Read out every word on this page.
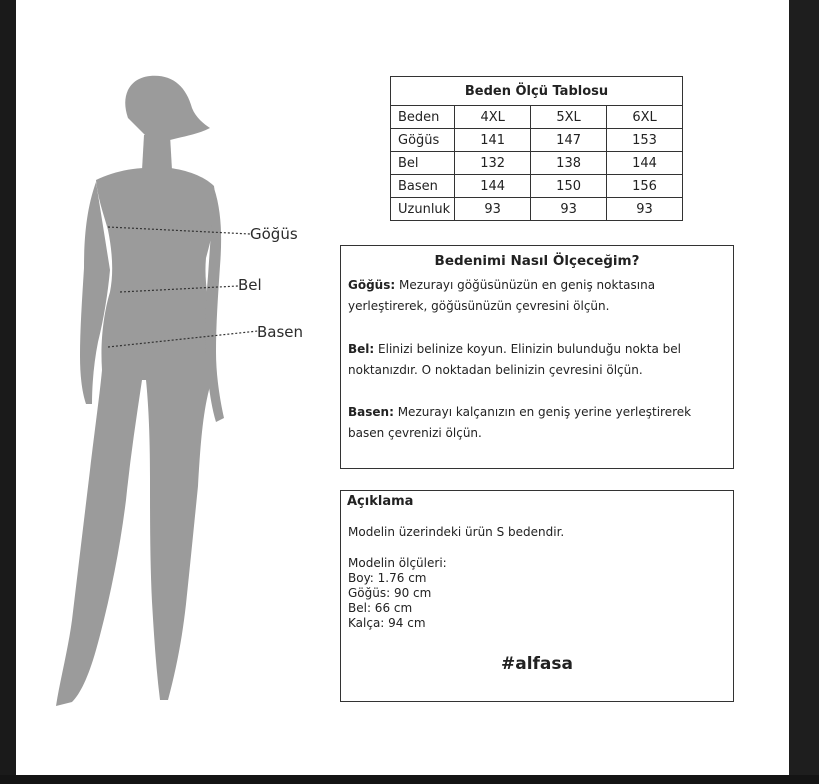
Göğüs
Bel
Basen
Beden Ölçü Tablosu			
Beden	4XL	5XL	6XL
Göğüs	141	147	153
Bel	132	138	144
Basen	144	150	156
Uzunluk	93	93	93
Bedenimi Nasıl Ölçeceğim?
Göğüs: Mezurayı göğüsünüzün en geniş noktasına yerleştirerek, göğüsünüzün çevresini ölçün.
Bel: Elinizi belinize koyun. Elinizin bulunduğu nokta bel noktanızdır. O noktadan belinizin çevresini ölçün.
Basen: Mezurayı kalçanızın en geniş yerine yerleştirerek basen çevrenizi ölçün.
Açıklama
Modelin üzerindeki ürün S bedendir.
Modelin ölçüleri:
Boy: 1.76 cm
Göğüs: 90 cm
Bel: 66 cm
Kalça: 94 cm
#alfasa
